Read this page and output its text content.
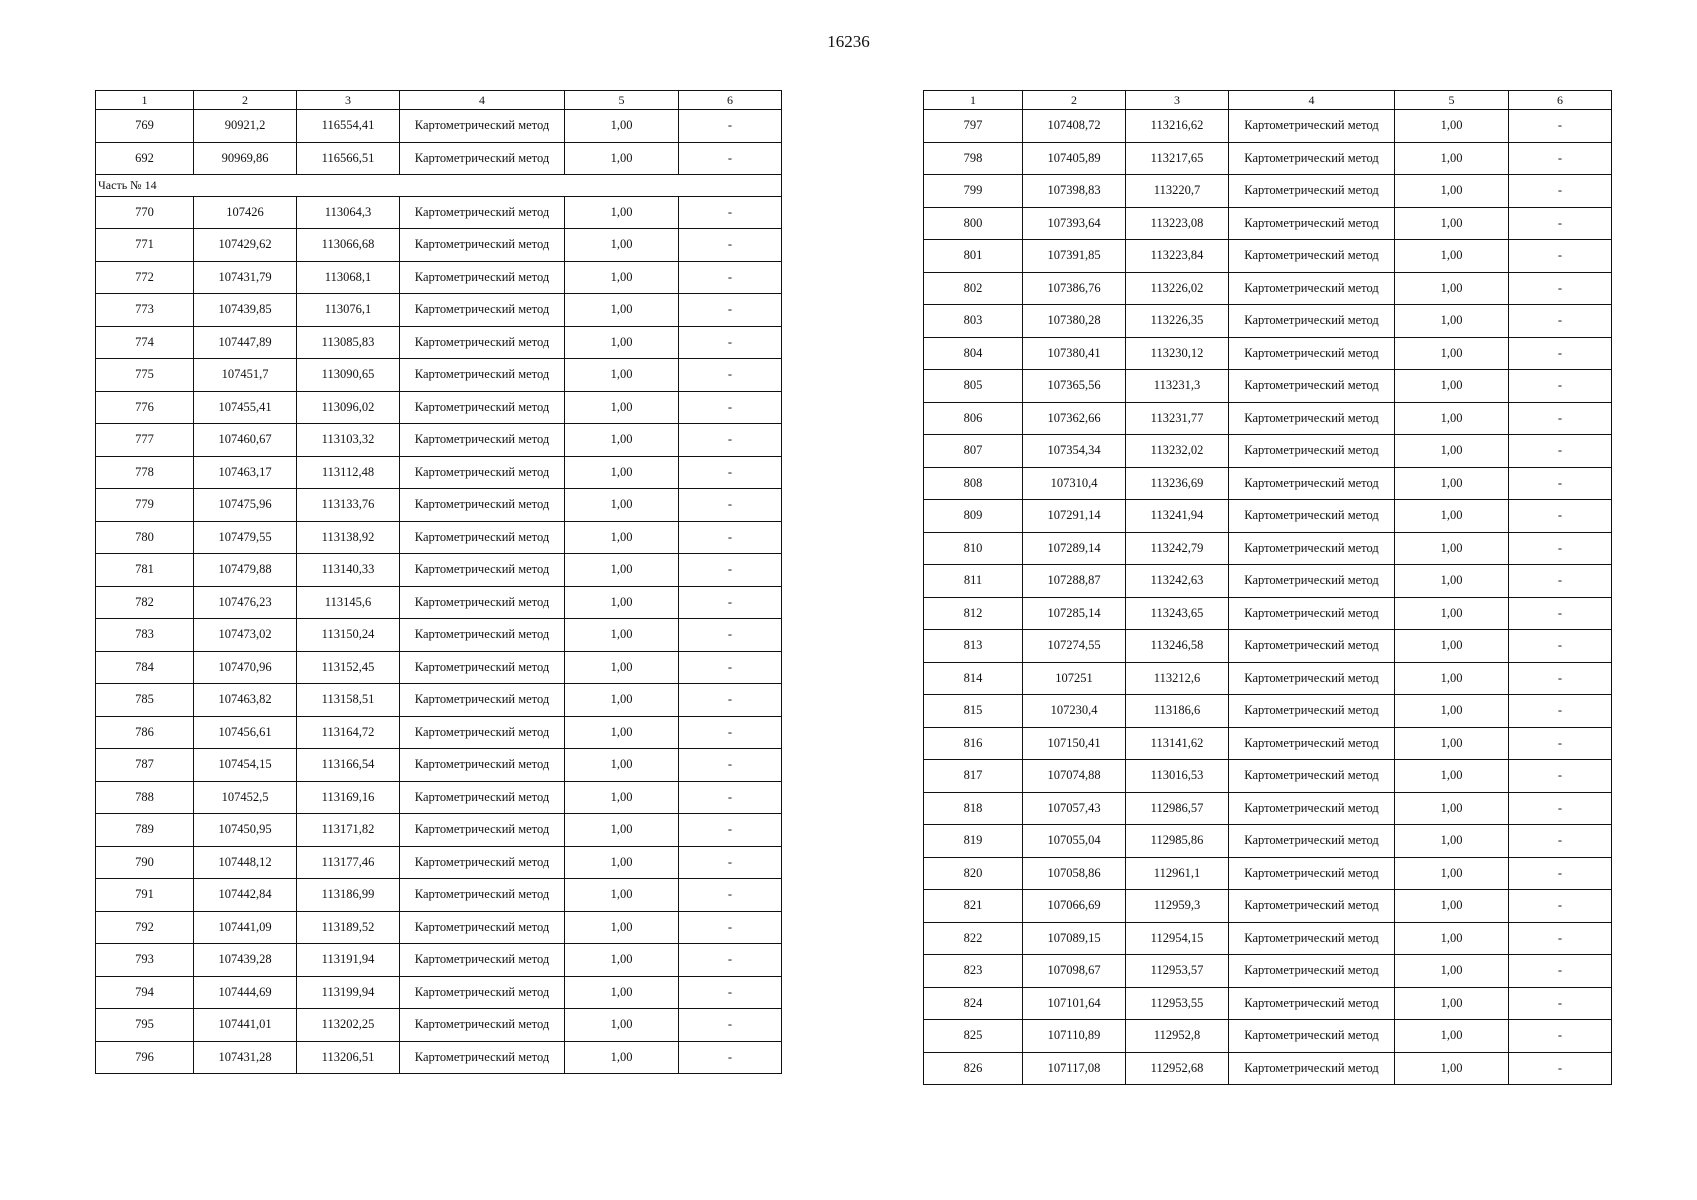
16236
1	2	3	4	5	6
769	90921,2	116554,41	Картометрический метод	1,00	-
692	90969,86	116566,51	Картометрический метод	1,00	-
Часть № 14					
770	107426	113064,3	Картометрический метод	1,00	-
771	107429,62	113066,68	Картометрический метод	1,00	-
772	107431,79	113068,1	Картометрический метод	1,00	-
773	107439,85	113076,1	Картометрический метод	1,00	-
774	107447,89	113085,83	Картометрический метод	1,00	-
775	107451,7	113090,65	Картометрический метод	1,00	-
776	107455,41	113096,02	Картометрический метод	1,00	-
777	107460,67	113103,32	Картометрический метод	1,00	-
778	107463,17	113112,48	Картометрический метод	1,00	-
779	107475,96	113133,76	Картометрический метод	1,00	-
780	107479,55	113138,92	Картометрический метод	1,00	-
781	107479,88	113140,33	Картометрический метод	1,00	-
782	107476,23	113145,6	Картометрический метод	1,00	-
783	107473,02	113150,24	Картометрический метод	1,00	-
784	107470,96	113152,45	Картометрический метод	1,00	-
785	107463,82	113158,51	Картометрический метод	1,00	-
786	107456,61	113164,72	Картометрический метод	1,00	-
787	107454,15	113166,54	Картометрический метод	1,00	-
788	107452,5	113169,16	Картометрический метод	1,00	-
789	107450,95	113171,82	Картометрический метод	1,00	-
790	107448,12	113177,46	Картометрический метод	1,00	-
791	107442,84	113186,99	Картометрический метод	1,00	-
792	107441,09	113189,52	Картометрический метод	1,00	-
793	107439,28	113191,94	Картометрический метод	1,00	-
794	107444,69	113199,94	Картометрический метод	1,00	-
795	107441,01	113202,25	Картометрический метод	1,00	-
796	107431,28	113206,51	Картометрический метод	1,00	-
1	2	3	4	5	6
797	107408,72	113216,62	Картометрический метод	1,00	-
798	107405,89	113217,65	Картометрический метод	1,00	-
799	107398,83	113220,7	Картометрический метод	1,00	-
800	107393,64	113223,08	Картометрический метод	1,00	-
801	107391,85	113223,84	Картометрический метод	1,00	-
802	107386,76	113226,02	Картометрический метод	1,00	-
803	107380,28	113226,35	Картометрический метод	1,00	-
804	107380,41	113230,12	Картометрический метод	1,00	-
805	107365,56	113231,3	Картометрический метод	1,00	-
806	107362,66	113231,77	Картометрический метод	1,00	-
807	107354,34	113232,02	Картометрический метод	1,00	-
808	107310,4	113236,69	Картометрический метод	1,00	-
809	107291,14	113241,94	Картометрический метод	1,00	-
810	107289,14	113242,79	Картометрический метод	1,00	-
811	107288,87	113242,63	Картометрический метод	1,00	-
812	107285,14	113243,65	Картометрический метод	1,00	-
813	107274,55	113246,58	Картометрический метод	1,00	-
814	107251	113212,6	Картометрический метод	1,00	-
815	107230,4	113186,6	Картометрический метод	1,00	-
816	107150,41	113141,62	Картометрический метод	1,00	-
817	107074,88	113016,53	Картометрический метод	1,00	-
818	107057,43	112986,57	Картометрический метод	1,00	-
819	107055,04	112985,86	Картометрический метод	1,00	-
820	107058,86	112961,1	Картометрический метод	1,00	-
821	107066,69	112959,3	Картометрический метод	1,00	-
822	107089,15	112954,15	Картометрический метод	1,00	-
823	107098,67	112953,57	Картометрический метод	1,00	-
824	107101,64	112953,55	Картометрический метод	1,00	-
825	107110,89	112952,8	Картометрический метод	1,00	-
826	107117,08	112952,68	Картометрический метод	1,00	-
